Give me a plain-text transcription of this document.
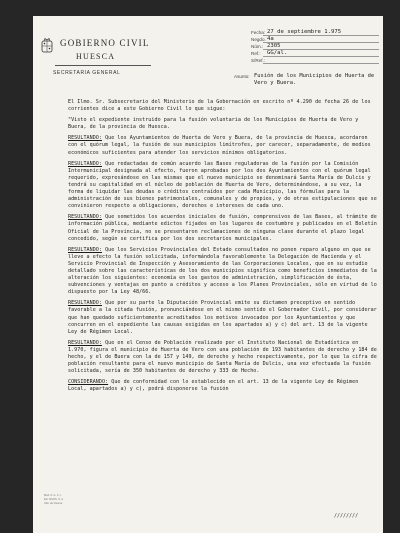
GOBIERNO CIVIL
HUESCA
SECRETARIA GENERAL
Fecha: 27 de septiembre 1.975
Negdo. 4a
Núm.: 2305
Ref.: GG/al.
S/Ref.:
Asunto: Fusión de los Municipios de Huerta de Vero y Buera.

El Ilmo. Sr. Subsecretario del Ministerio de la Gobernación en escrito nº 4.290 de fecha 26 de los corrientes dice a este Gobierno Civil lo que sigue:

"Visto el expediente instruido para la fusión voluntaria de los Municipios de Huerta de Vero y Buera, de la provincia de Huesca.

RESULTANDO: Que los Ayuntamientos de Huerta de Vero y Buera, de la provincia de Huesca, acordaron con el quórum legal, la fusión de sus municipios limítrofes, por carecer, separadamente, de medios económicos suficientes para atender los servicios mínimos obligatorios.

RESULTANDO: Que redactadas de común acuerdo las Bases reguladoras de la fusión por la Comisión Intermunicipal designada al efecto, fueron aprobadas por los dos Ayuntamientos con el quórum legal requerido, expresándose en las mismas que el nuevo municipio se denominará Santa María de Dulcis y tendrá su capitalidad en el núcleo de población de Huerta de Vero, determinándose, a su vez, la forma de liquidar las deudas o créditos contraídos por cada Municipio, las fórmulas para la administración de sus bienes patrimoniales, comunales y de propios, y de otras estipulaciones que se convinieron respecto a obligaciones, derechos e intereses de cada uno.

RESULTANDO: Que sometidos los acuerdos iniciales de fusión, comprensivos de las Bases, al trámite de información pública, mediante edictos fijados en los lugares de costumbre y publicados en el Boletín Oficial de la Provincia, no se presentaron reclamaciones de ninguna clase durante el plazo legal concedido, según se certifica por los dos secretarios municipales.

RESULTANDO: Que los Servicios Provinciales del Estado consultados no ponen reparo alguno en que se lleve a efecto la fusión solicitada, informándola favorablemente la Delegación de Hacienda y el Servicio Provincial de Inspección y Asesoramiento de las Corporaciones Locales, que en su estudio detallado sobre las características de los dos municipios significa como beneficios inmediatos de la alteración los siguientes: economía en los gastos de administración, simplificación de ésta, subvenciones y ventajas en punto a créditos y acceso a los Planes Provinciales, sólo en virtud de lo dispuesto por la Ley 48/66.

RESULTANDO: Que por su parte la Diputación Provincial emite su dictamen preceptivo en sentido favorable a la citada fusión, pronunciándose en el mismo sentido el Gobernador Civil, por considerar que han quedado suficientemente acreditados los motivos invocados por los Ayuntamientos y que concurren en el expediente las causas exigidas en los apartados a) y c) del art. 13 de la vigente Ley de Régimen Local.

RESULTANDO: Que en el Censo de Población realizado por el Instituto Nacional de Estadística en 1.970, figura el municipio de Huerta de Vero con una población de 193 habitantes de derecho y 184 de hecho, y el de Buera con la de 157 y 149, de derecho y hecho respectivamente, por lo que la cifra de población resultante para el nuevo municipio de Santa María de Dulcis, una vez efectuada la fusión solicitada, sería de 350 habitantes de derecho y 333 de Hecho.

CONSIDERANDO: Que de conformidad con lo establecido en el art. 13 de la vigente Ley de Régimen Local, apartados a) y c), podrá disponerse la fusión

Mod. 8. G. C. I. Est. RIVAS, S. A. Vda. de Vicente
////////
